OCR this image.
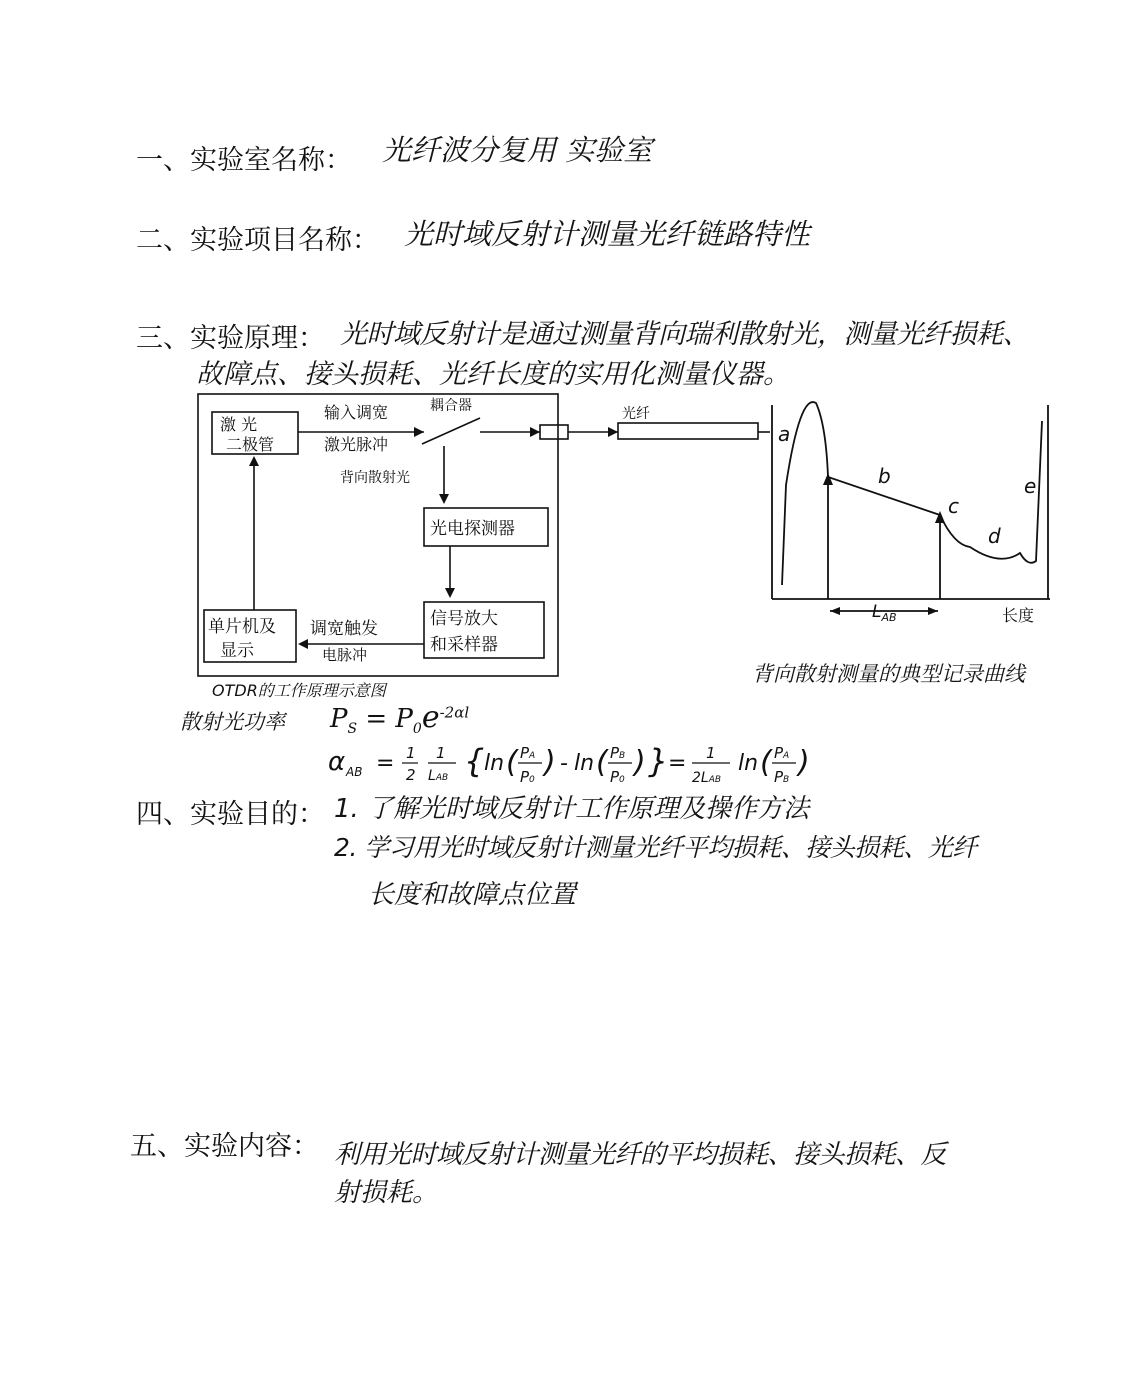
一、实验室名称： 光纤波分复用 实验室
二、实验项目名称： 光时域反射计测量光纤链路特性
三、实验原理： 光时域反射计是通过测量背向瑞利散射光，测量光纤损耗、
故障点、接头损耗、光纤长度的实用化测量仪器。
激 光
二极管
输入调宽
激光脉冲
耦合器
背向散射光
光电探测器
信号放大
和采样器
调宽触发
电脉冲
单片机及
显示
光纤
OTDR的工作原理示意图
a
b
c
d
e
$L_{AB}$	长度
背向散射测量的典型记录曲线
散射光功率 $P_S = P_0e^{-2\alpha l}$
α AB = 1
2
1
LAB { ln ( PA
P0 ) - ln ( PB
P0 ) } = 1
2LAB
ln ( PA
PB )
四、实验目的： 1. 了解光时域反射计工作原理及操作方法
2. 学习用光时域反射计测量光纤平均损耗、接头损耗、光纤
长度和故障点位置
五、实验内容： 利用光时域反射计测量光纤的平均损耗、接头损耗、反
射损耗。
